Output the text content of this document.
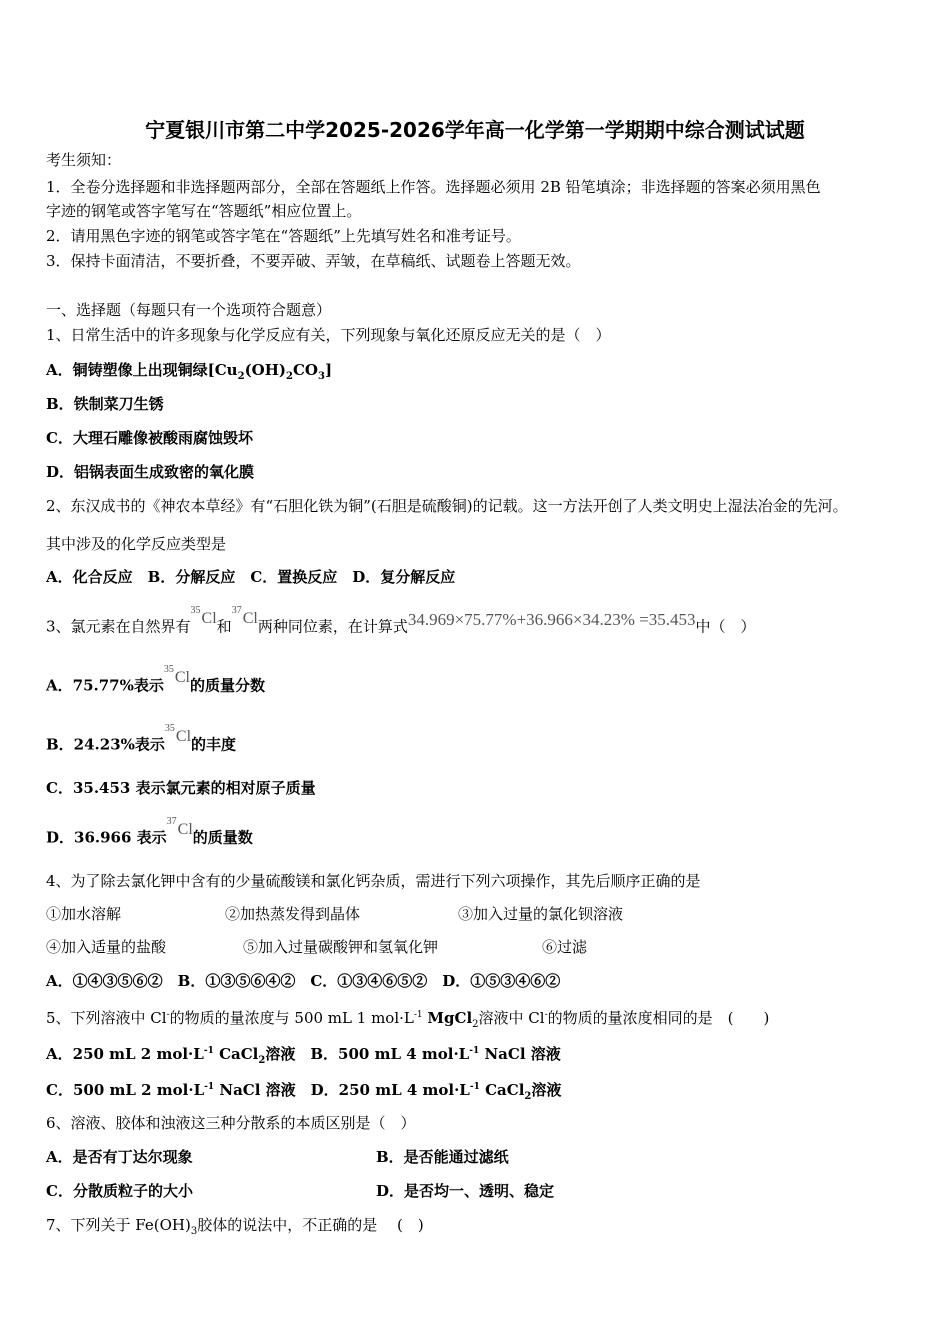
宁夏银川市第二中学2025-2026学年高一化学第一学期期中综合测试试题
考生须知：
1．全卷分选择题和非选择题两部分，全部在答题纸上作答。选择题必须用 2B 铅笔填涂；非选择题的答案必须用黑色
字迹的钢笔或答字笔写在“答题纸”相应位置上。
2．请用黑色字迹的钢笔或答字笔在“答题纸”上先填写姓名和准考证号。
3．保持卡面清洁，不要折叠，不要弄破、弄皱，在草稿纸、试题卷上答题无效。
一、选择题（每题只有一个选项符合题意）
1、日常生活中的许多现象与化学反应有关，下列现象与氧化还原反应无关的是（　）
A．铜铸塑像上出现铜绿$[Cu_2(OH)_2CO_3]$
B．铁制菜刀生锈
C．大理石雕像被酸雨腐蚀毁坏
D．铝锅表面生成致密的氧化膜
2、东汉成书的《神农本草经》有“石胆化铁为铜”(石胆是硫酸铜)的记载。这一方法开创了人类文明史上湿法冶金的先河。
其中涉及的化学反应类型是
A．化合反应　B．分解反应　C．置换反应　D．复分解反应
3、氯元素在自然界有$^{35}$Cl和$^{37}$Cl两种同位素，在计算式34.969×75.77%+36.966×34.23% =35.453中（　）
A．75.77%表示$^{35}$Cl的质量分数
B．24.23%表示$^{35}$Cl的丰度
C．35.453 表示氯元素的相对原子质量
D．36.966 表示$^{37}$Cl的质量数
4、为了除去氯化钾中含有的少量硫酸镁和氯化钙杂质，需进行下列六项操作，其先后顺序正确的是
①加水溶解	②加热蒸发得到晶体	③加入过量的氯化钡溶液
④加入适量的盐酸	⑤加入过量碳酸钾和氢氧化钾	⑥过滤
A．①④③⑤⑥②　B．①③⑤⑥④②　C．①③④⑥⑤②　D．①⑤③④⑥②
5、下列溶液中 Cl-的物质的量浓度与 500 mL 1 $mol\cdot L^{-1}$ MgCl$_2$溶液中 Cl-的物质的量浓度相同的是　(　　)
A．250 mL 2 $mol\cdot L^{-1}$ CaCl$_2$溶液　 B．500 mL 4 $mol\cdot L^{-1}$ NaCl 溶液
C．500 mL 2 $mol\cdot L^{-1}$ NaCl 溶液　 D．250 mL 4 $mol\cdot L^{-1}$ CaCl$_2$溶液
6、溶液、胶体和浊液这三种分散系的本质区别是（　）
A．是否有丁达尔现象	B．是否能通过滤纸
C．分散质粒子的大小	D．是否均一、透明、稳定
7、下列关于 $Fe(OH)_3$胶体的说法中，不正确的是　 (　)
